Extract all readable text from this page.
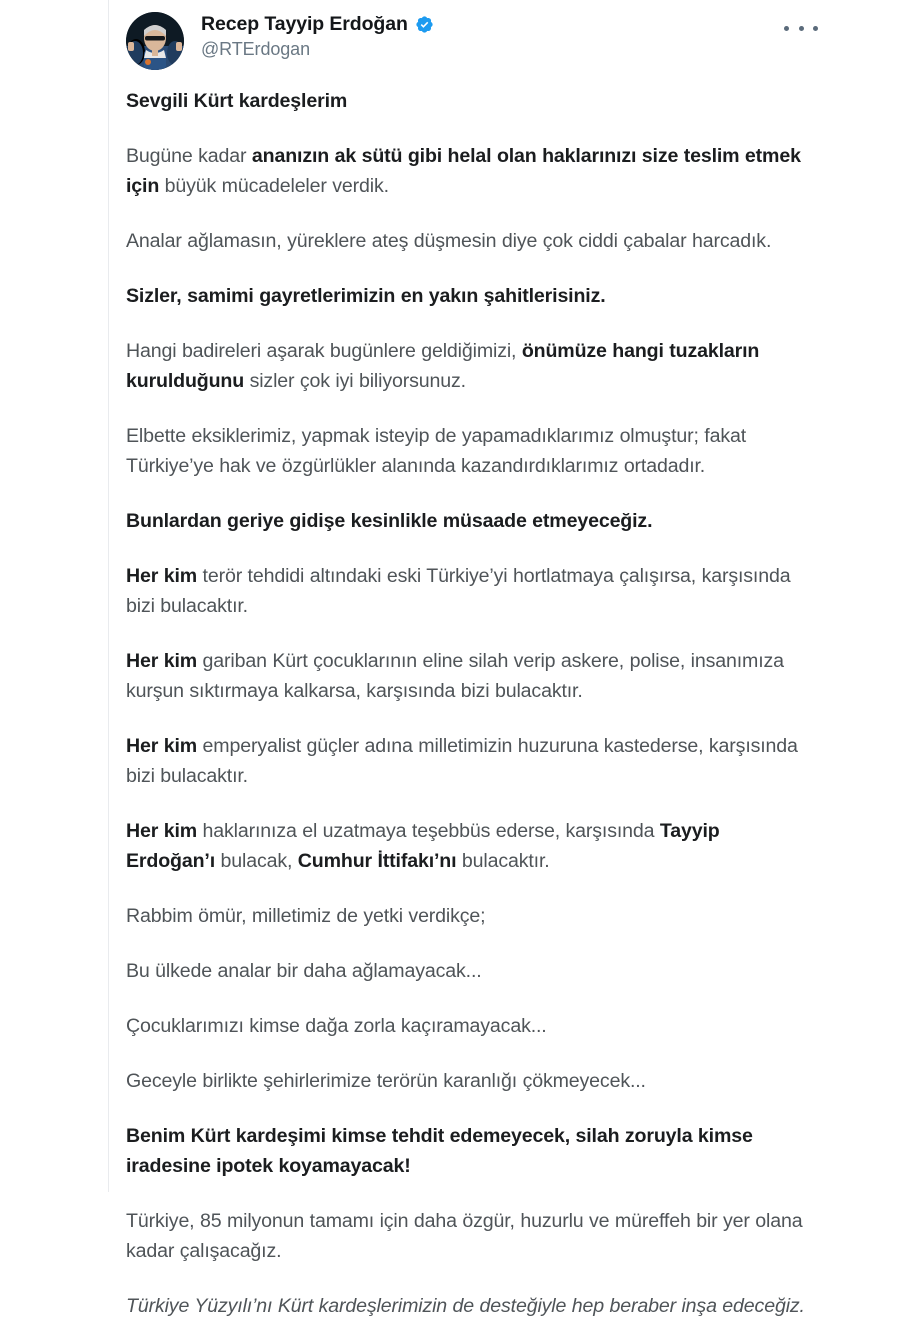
Recep Tayyip Erdoğan
@RTErdogan

Sevgili Kürt kardeşlerim

Bugüne kadar ananızın ak sütü gibi helal olan haklarınızı size teslim etmek için büyük mücadeleler verdik.

Analar ağlamasın, yüreklere ateş düşmesin diye çok ciddi çabalar harcadık.

Sizler, samimi gayretlerimizin en yakın şahitlerisiniz.

Hangi badireleri aşarak bugünlere geldiğimizi, önümüze hangi tuzakların kurulduğunu sizler çok iyi biliyorsunuz.

Elbette eksiklerimiz, yapmak isteyip de yapamadıklarımız olmuştur; fakat Türkiye’ye hak ve özgürlükler alanında kazandırdıklarımız ortadadır.

Bunlardan geriye gidişe kesinlikle müsaade etmeyeceğiz.

Her kim terör tehdidi altındaki eski Türkiye’yi hortlatmaya çalışırsa, karşısında bizi bulacaktır.

Her kim gariban Kürt çocuklarının eline silah verip askere, polise, insanımıza kurşun sıktırmaya kalkarsa, karşısında bizi bulacaktır.

Her kim emperyalist güçler adına milletimizin huzuruna kastederse, karşısında bizi bulacaktır.

Her kim haklarınıza el uzatmaya teşebbüs ederse, karşısında Tayyip Erdoğan’ı bulacak, Cumhur İttifakı’nı bulacaktır.

Rabbim ömür, milletimiz de yetki verdikçe;

Bu ülkede analar bir daha ağlamayacak...

Çocuklarımızı kimse dağa zorla kaçıramayacak...

Geceyle birlikte şehirlerimize terörün karanlığı çökmeyecek...

Benim Kürt kardeşimi kimse tehdit edemeyecek, silah zoruyla kimse iradesine ipotek koyamayacak!

Türkiye, 85 milyonun tamamı için daha özgür, huzurlu ve müreffeh bir yer olana kadar çalışacağız.

Türkiye Yüzyılı’nı Kürt kardeşlerimizin de desteğiyle hep beraber inşa edeceğiz.
